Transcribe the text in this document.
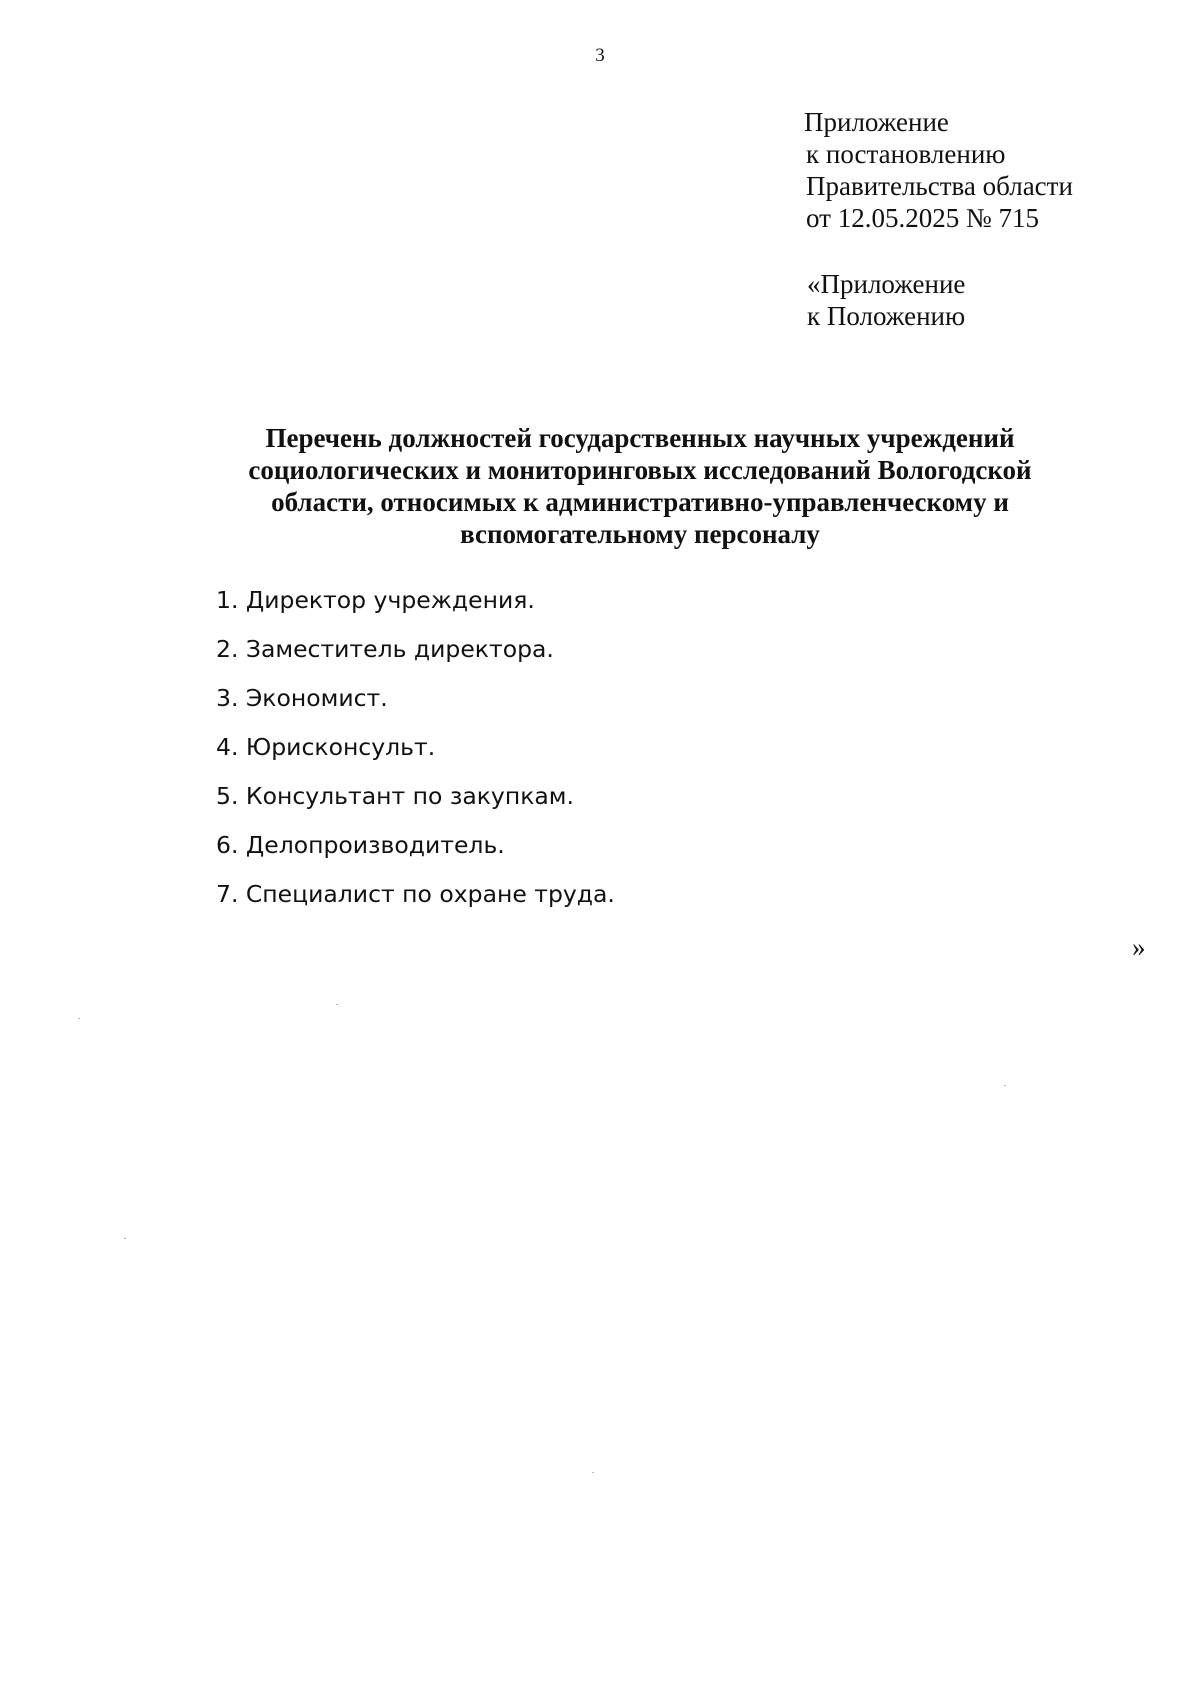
3
Приложение
к постановлению
Правительства области
от 12.05.2025 № 715
«Приложение
к Положению
Перечень должностей государственных научных учреждений
социологических и мониторинговых исследований Вологодской
области, относимых к административно-управленческому и
вспомогательному персоналу
1. Директор учреждения.
2. Заместитель директора.
3. Экономист.
4. Юрисконсульт.
5. Консультант по закупкам.
6. Делопроизводитель.
7. Специалист по охране труда.
»
